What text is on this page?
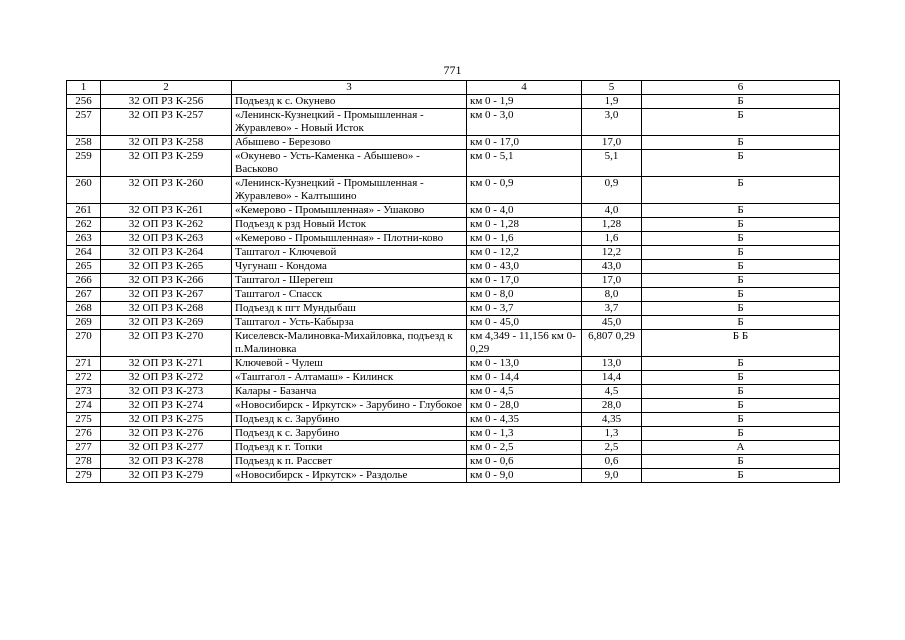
771
1	2	3	4	5	6
256	32 ОП РЗ К-256	Подъезд к с. Окунево	км 0 - 1,9	1,9	Б
257	32 ОП РЗ К-257	«Ленинск-Кузнецкий - Промышленная - Журавлево» - Новый Исток	км 0 - 3,0	3,0	Б
258	32 ОП РЗ К-258	Абышево - Березово	км 0 - 17,0	17,0	Б
259	32 ОП РЗ К-259	«Окунево - Усть-Каменка - Абышево» - Васьково	км 0 - 5,1	5,1	Б
260	32 ОП РЗ К-260	«Ленинск-Кузнецкий - Промышленная - Журавлево» - Калтышино	км 0 - 0,9	0,9	Б
261	32 ОП РЗ К-261	«Кемерово - Промышленная» - Ушаково	км 0 - 4,0	4,0	Б
262	32 ОП РЗ К-262	Подъезд к рзд Новый Исток	км 0 - 1,28	1,28	Б
263	32 ОП РЗ К-263	«Кемерово - Промышленная» - Плотни-ково	км 0 - 1,6	1,6	Б
264	32 ОП РЗ К-264	Таштагол - Ключевой	км 0 - 12,2	12,2	Б
265	32 ОП РЗ К-265	Чугунаш - Кондома	км 0 - 43,0	43,0	Б
266	32 ОП РЗ К-266	Таштагол - Шерегеш	км 0 - 17,0	17,0	Б
267	32 ОП РЗ К-267	Таштагол - Спасск	км 0 - 8,0	8,0	Б
268	32 ОП РЗ К-268	Подъезд к пгт Мундыбаш	км 0 - 3,7	3,7	Б
269	32 ОП РЗ К-269	Таштагол - Усть-Кабырза	км 0 - 45,0	45,0	Б
270	32 ОП РЗ К-270	Киселевск-Малиновка-Михайловка, подъезд к п.Малиновка	км 4,349 - 11,156 км 0-0,29	6,807 0,29	Б Б
271	32 ОП РЗ К-271	Ключевой - Чулеш	км 0 - 13,0	13,0	Б
272	32 ОП РЗ К-272	«Таштагол - Алтамаш» - Килинск	км 0 - 14,4	14,4	Б
273	32 ОП РЗ К-273	Калары - Базанча	км 0 - 4,5	4,5	Б
274	32 ОП РЗ К-274	«Новосибирск - Иркутск» - Зарубино - Глубокое	км 0 - 28,0	28,0	Б
275	32 ОП РЗ К-275	Подъезд к с. Зарубино	км 0 - 4,35	4,35	Б
276	32 ОП РЗ К-276	Подъезд к с. Зарубино	км 0 - 1,3	1,3	Б
277	32 ОП РЗ К-277	Подъезд к г. Топки	км 0 - 2,5	2,5	А
278	32 ОП РЗ К-278	Подъезд к п. Рассвет	км 0 - 0,6	0,6	Б
279	32 ОП РЗ К-279	«Новосибирск - Иркутск» - Раздолье	км 0 - 9,0	9,0	Б
